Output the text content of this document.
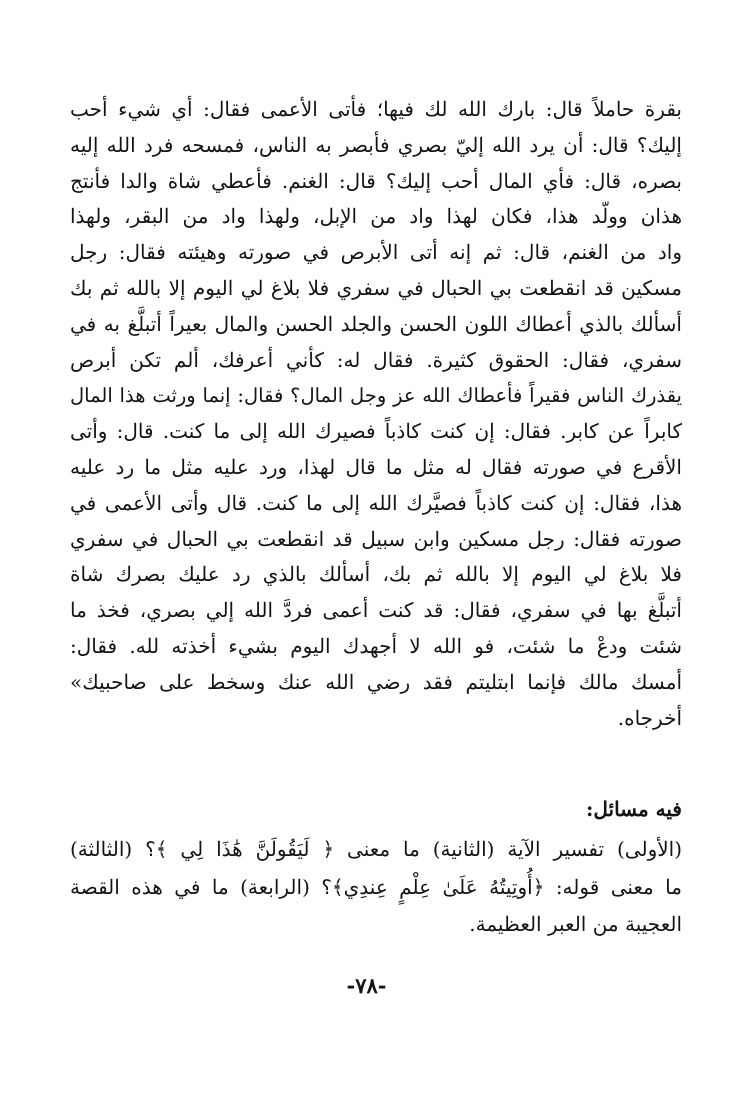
بقرة حاملاً قال: بارك الله لك فيها؛ فأتى الأعمى فقال: أي شيء أحب
إليك؟ قال: أن يرد الله إليّ بصري فأبصر به الناس، فمسحه فرد الله إليه
بصره، قال: فأي المال أحب إليك؟ قال: الغنم. فأعطي شاة والدا فأنتج
هذان وولّد هذا، فكان لهذا واد من الإبل، ولهذا واد من البقر، ولهذا
واد من الغنم، قال: ثم إنه أتى الأبرص في صورته وهيئته فقال: رجل
مسكين قد انقطعت بي الحبال في سفري فلا بلاغ لي اليوم إلا بالله ثم بك
أسألك بالذي أعطاك اللون الحسن والجلد الحسن والمال بعيراً أتبلَّغ به في
سفري، فقال: الحقوق كثيرة. فقال له: كأني أعرفك، ألم تكن أبرص
يقذرك الناس فقيراً فأعطاك الله عز وجل المال؟ فقال: إنما ورثت هذا المال
كابراً عن كابر. فقال: إن كنت كاذباً فصيرك الله إلى ما كنت. قال: وأتى
الأقرع في صورته فقال له مثل ما قال لهذا، ورد عليه مثل ما رد عليه
هذا، فقال: إن كنت كاذباً فصيَّرك الله إلى ما كنت. قال وأتى الأعمى في
صورته فقال: رجل مسكين وابن سبيل قد انقطعت بي الحبال في سفري
فلا بلاغ لي اليوم إلا بالله ثم بك، أسألك بالذي رد عليك بصرك شاة
أتبلَّغ بها في سفري، فقال: قد كنت أعمى فردَّ الله إلي بصري، فخذ ما
شئت ودعْ ما شئت، فو الله لا أجهدك اليوم بشيء أخذته لله. فقال:
أمسك مالك فإنما ابتليتم فقد رضي الله عنك وسخط على صاحبيك»
أخرجاه.
فيه مسائل:
(الأولى) تفسير الآية (الثانية) ما معنى ﴿ لَيَقُولَنَّ هَٰذَا لِي ﴾؟ (الثالثة)
ما معنى قوله: ﴿أُوتِيتُهُ عَلَىٰ عِلْمٍ عِندِي﴾؟ (الرابعة) ما في هذه القصة
العجيبة من العبر العظيمة.
-٧٨-
